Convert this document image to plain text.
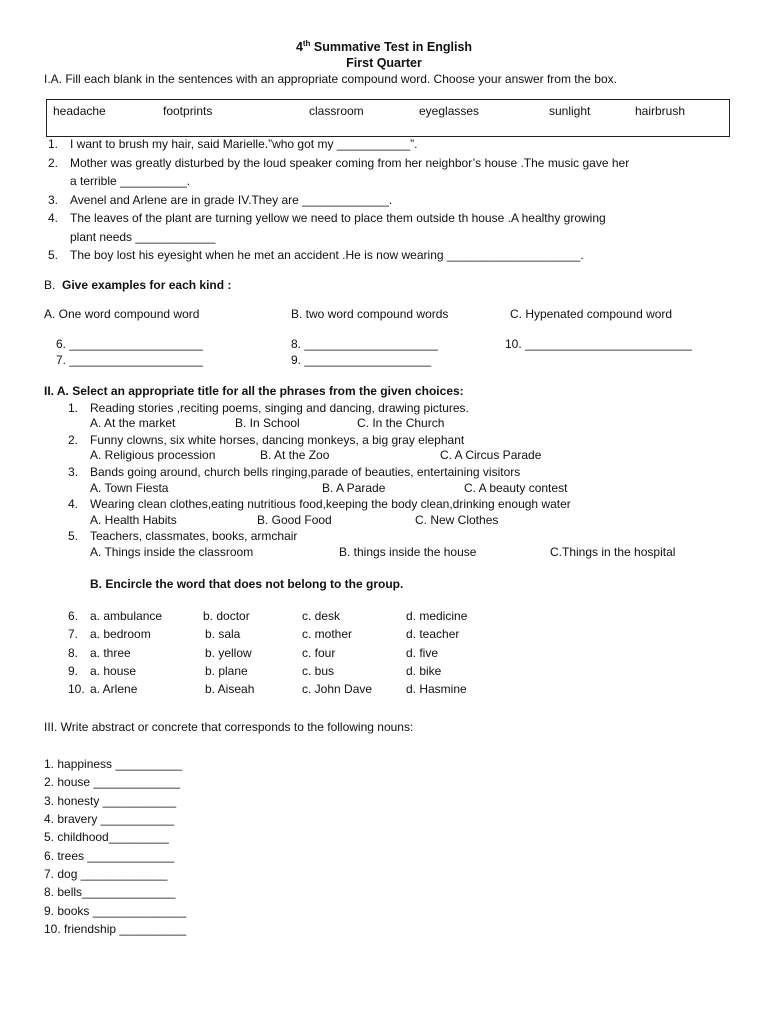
4th Summative Test in English
First Quarter
I.A. Fill each blank in the sentences with an appropriate compound word. Choose your answer from the box.
headache	footprints	classroom	eyeglasses	sunlight	hairbrush
1. I want to brush my hair, said Marielle.”who got my ___________”.
2. Mother was greatly disturbed by the loud speaker coming from her neighbor’s house .The music gave her
a terrible __________.
3. Avenel and Arlene are in grade IV.They are _____________.
4. The leaves of the plant are turning yellow we need to place them outside th house .A healthy growing
plant needs ____________
5. The boy lost his eyesight when he met an accident .He is now wearing ____________________.
B. Give examples for each kind :
A. One word compound word	B. two word compound words	C. Hypenated compound word
6. ____________________
7. ____________________
8. ____________________
9. ___________________
10. _________________________
II. A. Select an appropriate title for all the phrases from the given choices:
1. Reading stories ,reciting poems, singing and dancing, drawing pictures.
A. At the market	B. In School	C. In the Church
2. Funny clowns, six white horses, dancing monkeys, a big gray elephant
A. Religious procession	B. At the Zoo	C. A Circus Parade
3. Bands going around, church bells ringing,parade of beauties, entertaining visitors
A. Town Fiesta	B. A Parade	C. A beauty contest
4. Wearing clean clothes,eating nutritious food,keeping the body clean,drinking enough water
A. Health Habits	B. Good Food	C. New Clothes
5. Teachers, classmates, books, armchair
A. Things inside the classroom	B. things inside the house	C.Things in the hospital
B. Encircle the word that does not belong to the group.
6. a. ambulance	b. doctor	c. desk	d. medicine
7. a. bedroom	b. sala	c. mother	d. teacher
8. a. three	b. yellow	c. four	d. five
9. a. house	b. plane	c. bus	d. bike
10. a. Arlene	b. Aiseah	c. John Dave	d. Hasmine
III. Write abstract or concrete that corresponds to the following nouns:
1. happiness __________
2. house _____________
3. honesty ___________
4. bravery ___________
5. childhood_________
6. trees _____________
7. dog _____________
8. bells______________
9. books ______________
10. friendship __________
